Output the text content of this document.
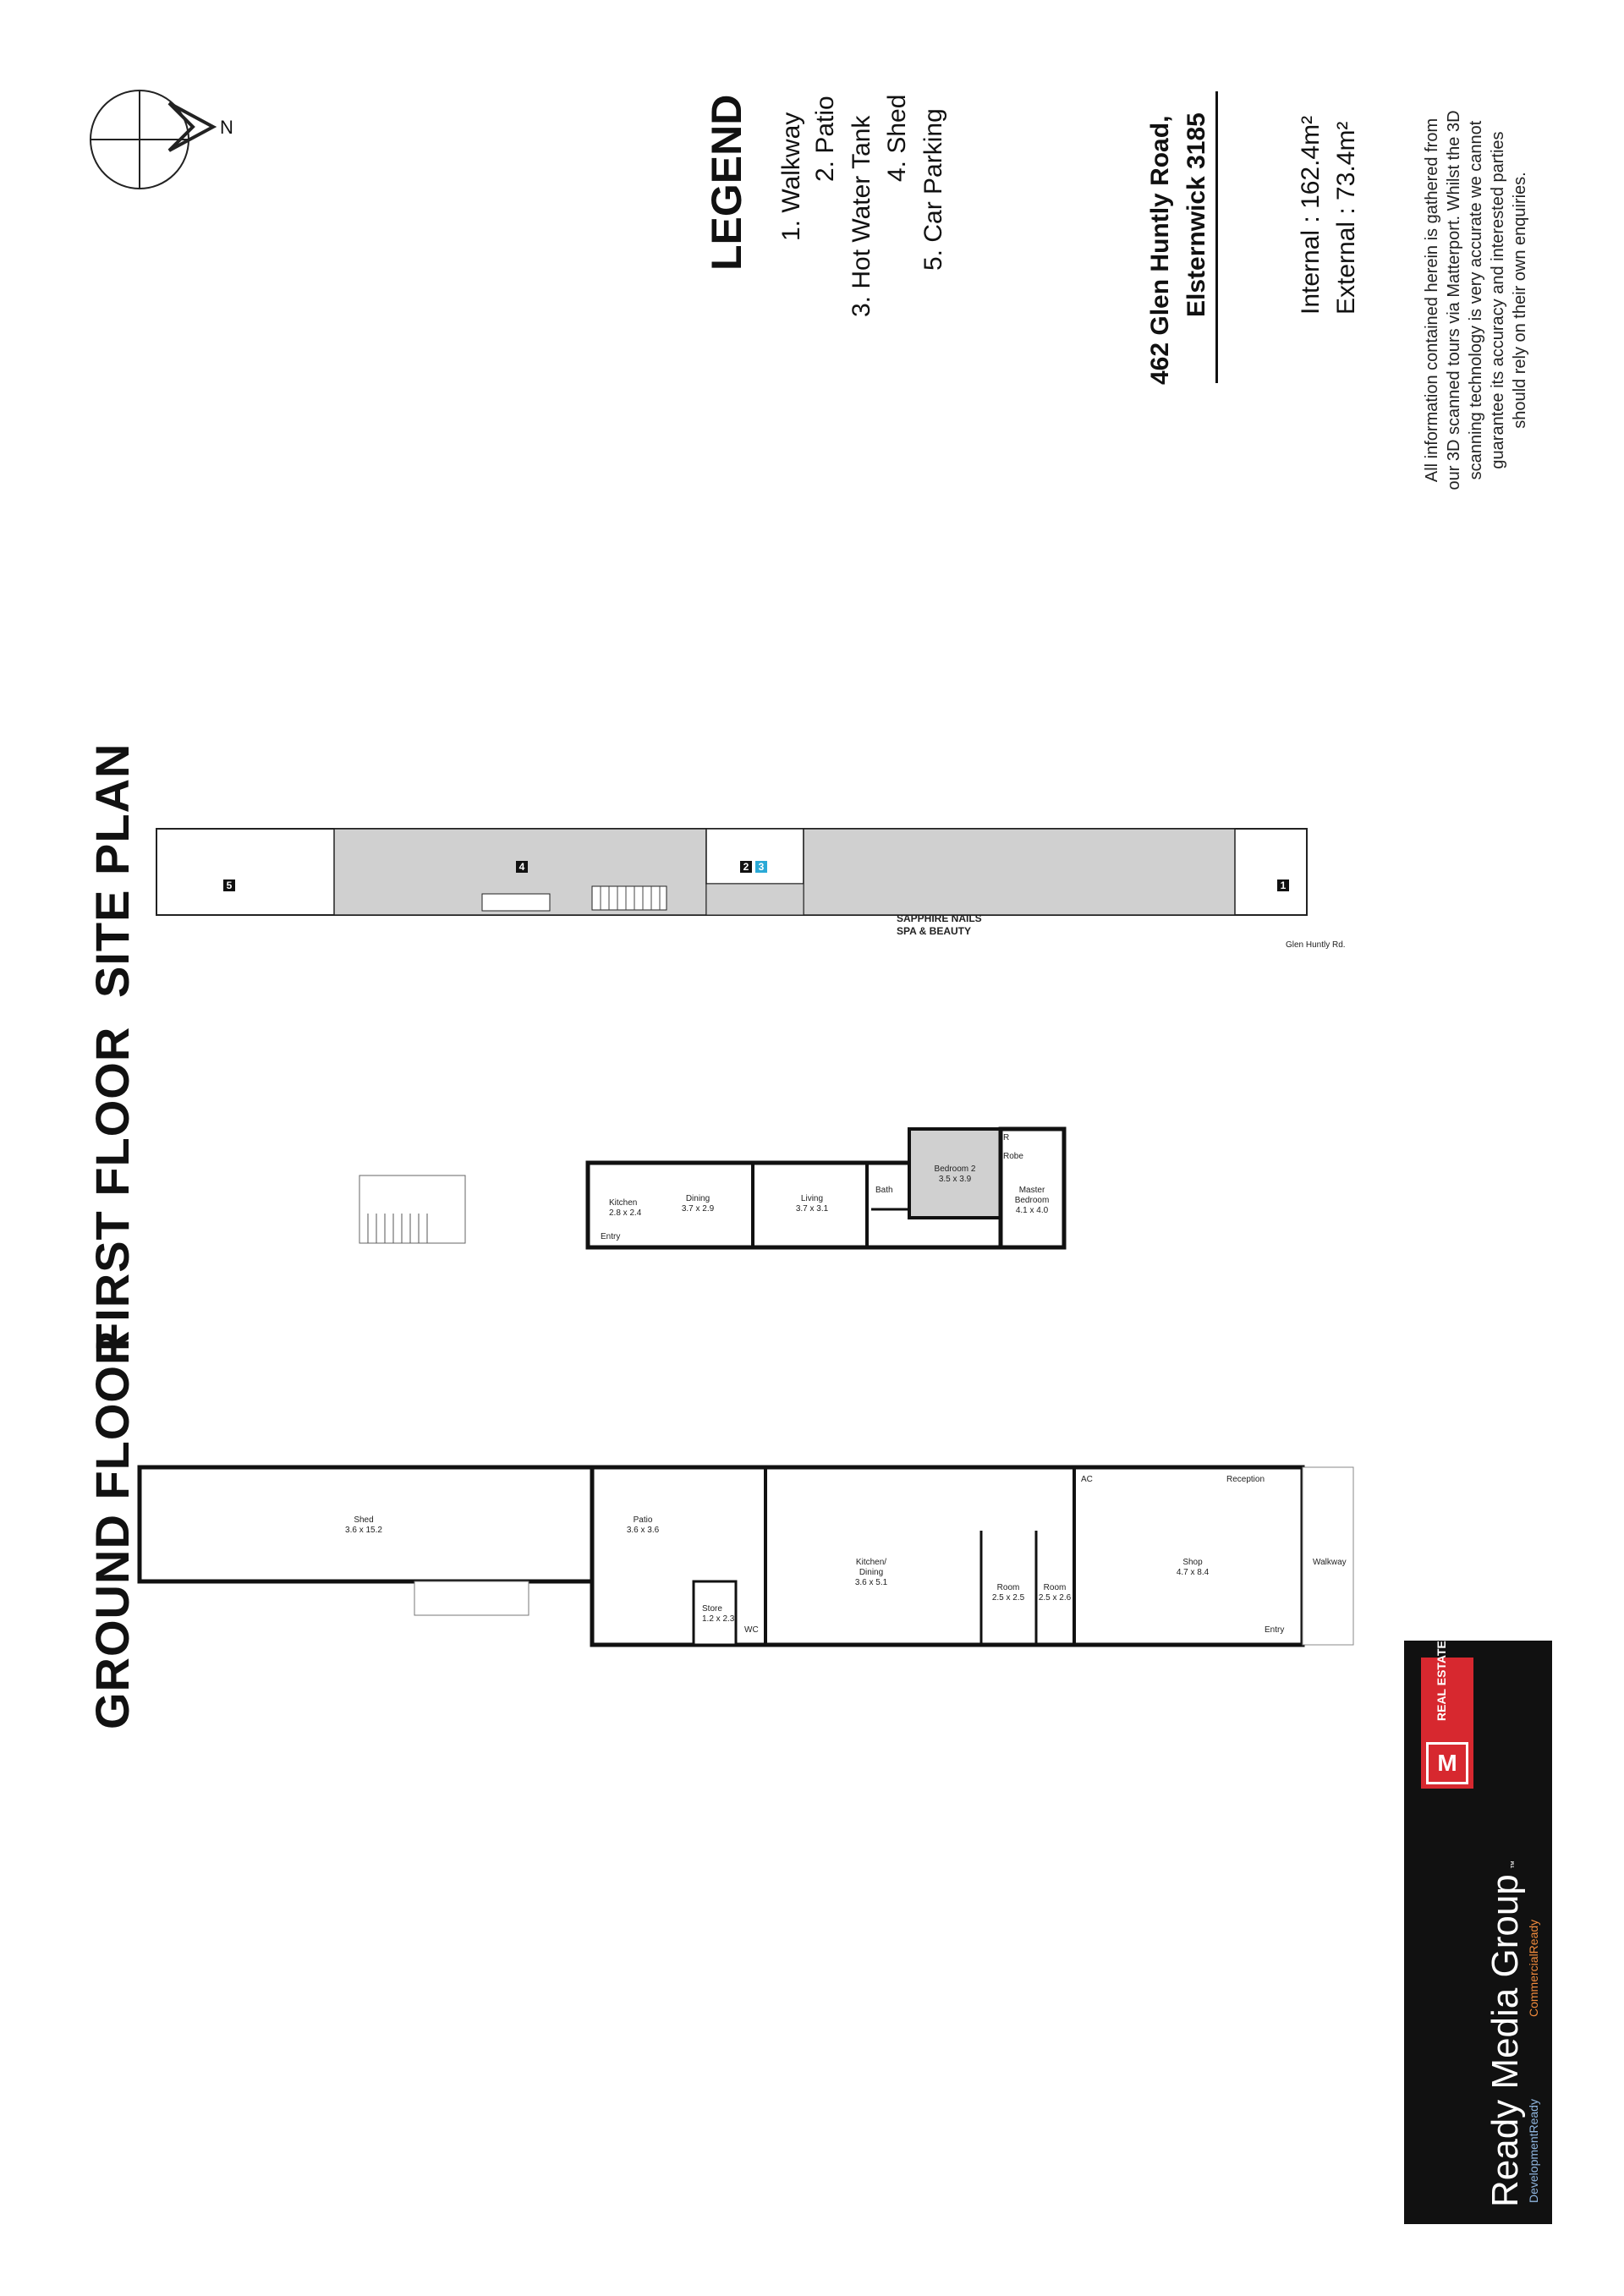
GROUND FLOOR
FIRST FLOOR
SITE PLAN
N	LEGEND 1. Walkway 2. Patio 3. Hot Water Tank 4. Shed 5. Car Parking	462 Glen Huntly Road, Elsternwick 3185	Internal : 162.4m² External : 73.4m²	All information contained herein is gathered from our 3D scanned tours via Matterport. Whilst the 3D scanning technology is very accurate we cannot guarantee its accuracy and interested parties should rely on their own enquiries.
5
4	2 3
1
SAPPHIRE NAILS
SPA & BEAUTY
Glen Huntly Rd.
Kitchen
2.8 x 2.4
Entry
Dining
3.7 x 2.9
Living
3.7 x 3.1
Bath
Bedroom 2
3.5 x 3.9
Robe
R
Master
Bedroom
4.1 x 4.0
Shed
3.6 x 15.2
Patio
3.6 x 3.6
Store
1.2 x 2.3
WC
Kitchen/
Dining
3.6 x 5.1
Room
2.5 x 2.5
Room
2.5 x 2.6
Shop
4.7 x 8.4
AC	Reception
Entry
Walkway
M
REAL ESTATE
Ready Media Group
™
DevelopmentReady
CommercialReady
